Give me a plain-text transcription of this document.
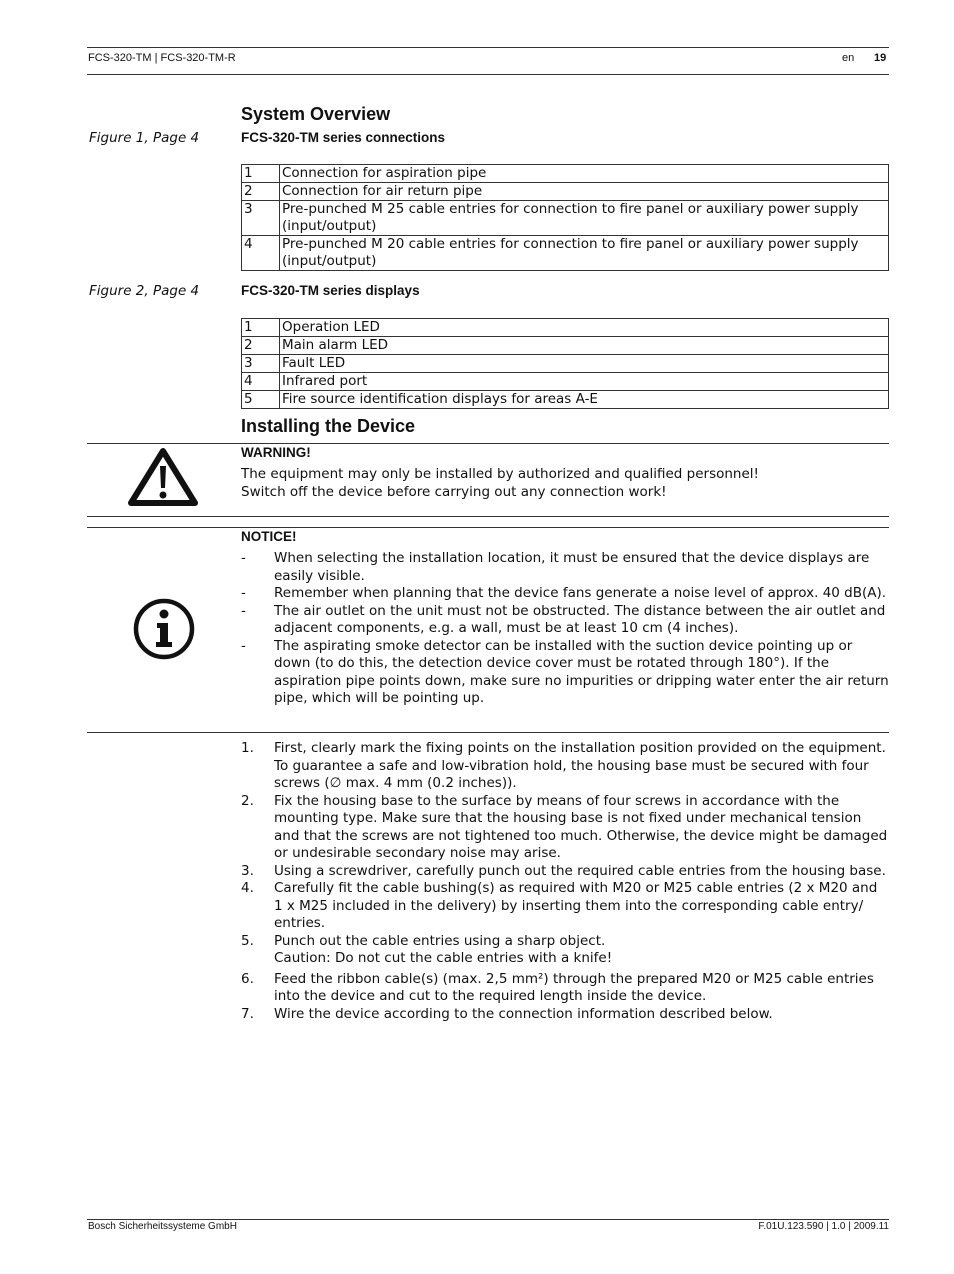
FCS-320-TM | FCS-320-TM-R	en 19
System Overview
Figure 1, Page 4	FCS-320-TM series connections
1	Connection for aspiration pipe
2	Connection for air return pipe
3	Pre-punched M 25 cable entries for connection to fire panel or auxiliary power supply (input/output)
4	Pre-punched M 20 cable entries for connection to fire panel or auxiliary power supply (input/output)
Figure 2, Page 4	FCS-320-TM series displays
1	Operation LED
2	Main alarm LED
3	Fault LED
4	Infrared port
5	Fire source identification displays for areas A-E
Installing the Device
WARNING!
The equipment may only be installed by authorized and qualified personnel!
Switch off the device before carrying out any connection work!
NOTICE!
- When selecting the installation location, it must be ensured that the device displays are easily visible.
- Remember when planning that the device fans generate a noise level of approx. 40 dB(A).
- The air outlet on the unit must not be obstructed. The distance between the air outlet and adjacent components, e.g. a wall, must be at least 10 cm (4 inches).
- The aspirating smoke detector can be installed with the suction device pointing up or down (to do this, the detection device cover must be rotated through 180°). If the aspiration pipe points down, make sure no impurities or dripping water enter the air return pipe, which will be pointing up.
1. First, clearly mark the fixing points on the installation position provided on the equipment. To guarantee a safe and low-vibration hold, the housing base must be secured with four screws (∅ max. 4 mm (0.2 inches)).
2. Fix the housing base to the surface by means of four screws in accordance with the mounting type. Make sure that the housing base is not fixed under mechanical tension and that the screws are not tightened too much. Otherwise, the device might be damaged or undesirable secondary noise may arise.
3. Using a screwdriver, carefully punch out the required cable entries from the housing base.
4. Carefully fit the cable bushing(s) as required with M20 or M25 cable entries (2 x M20 and 1 x M25 included in the delivery) by inserting them into the corresponding cable entry/ entries.
5. Punch out the cable entries using a sharp object.
Caution: Do not cut the cable entries with a knife!
6. Feed the ribbon cable(s) (max. 2,5 mm²) through the prepared M20 or M25 cable entries into the device and cut to the required length inside the device.
7. Wire the device according to the connection information described below.
Bosch Sicherheitssysteme GmbH	F.01U.123.590 | 1.0 | 2009.11
